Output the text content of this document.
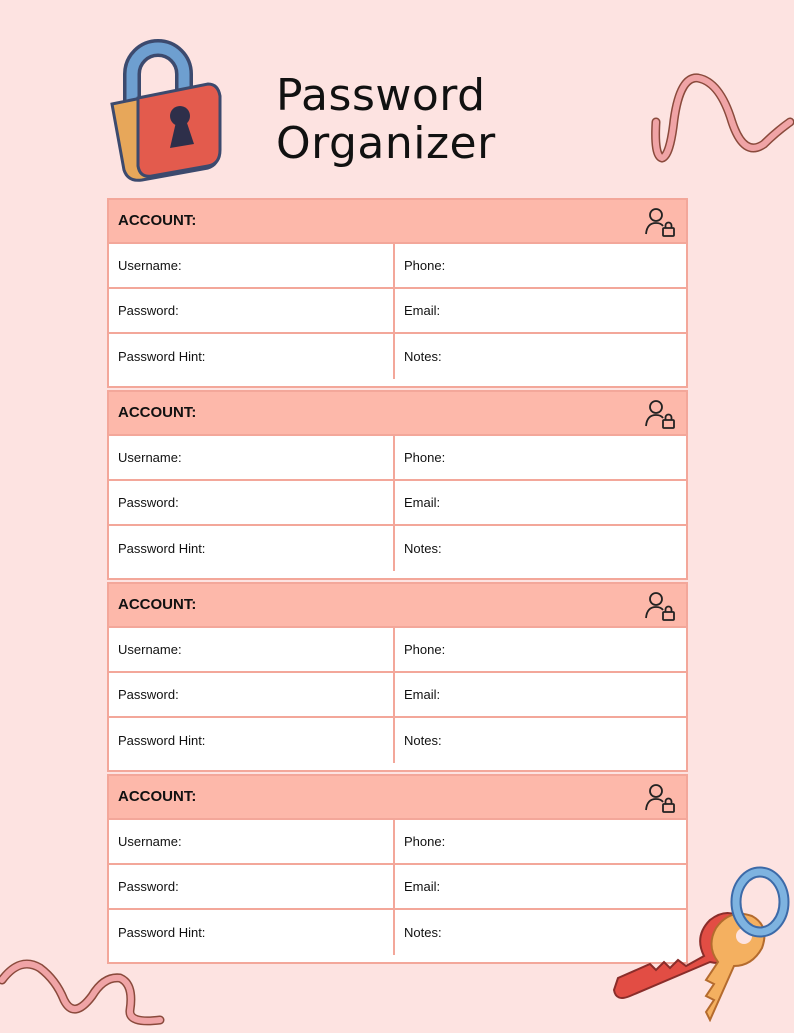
Password
Organizer
ACCOUNT:
Username:	Phone:
Password:	Email:
Password Hint:	Notes:
ACCOUNT:
Username:	Phone:
Password:	Email:
Password Hint:	Notes:
ACCOUNT:
Username:	Phone:
Password:	Email:
Password Hint:	Notes:
ACCOUNT:
Username:	Phone:
Password:	Email:
Password Hint:	Notes:
